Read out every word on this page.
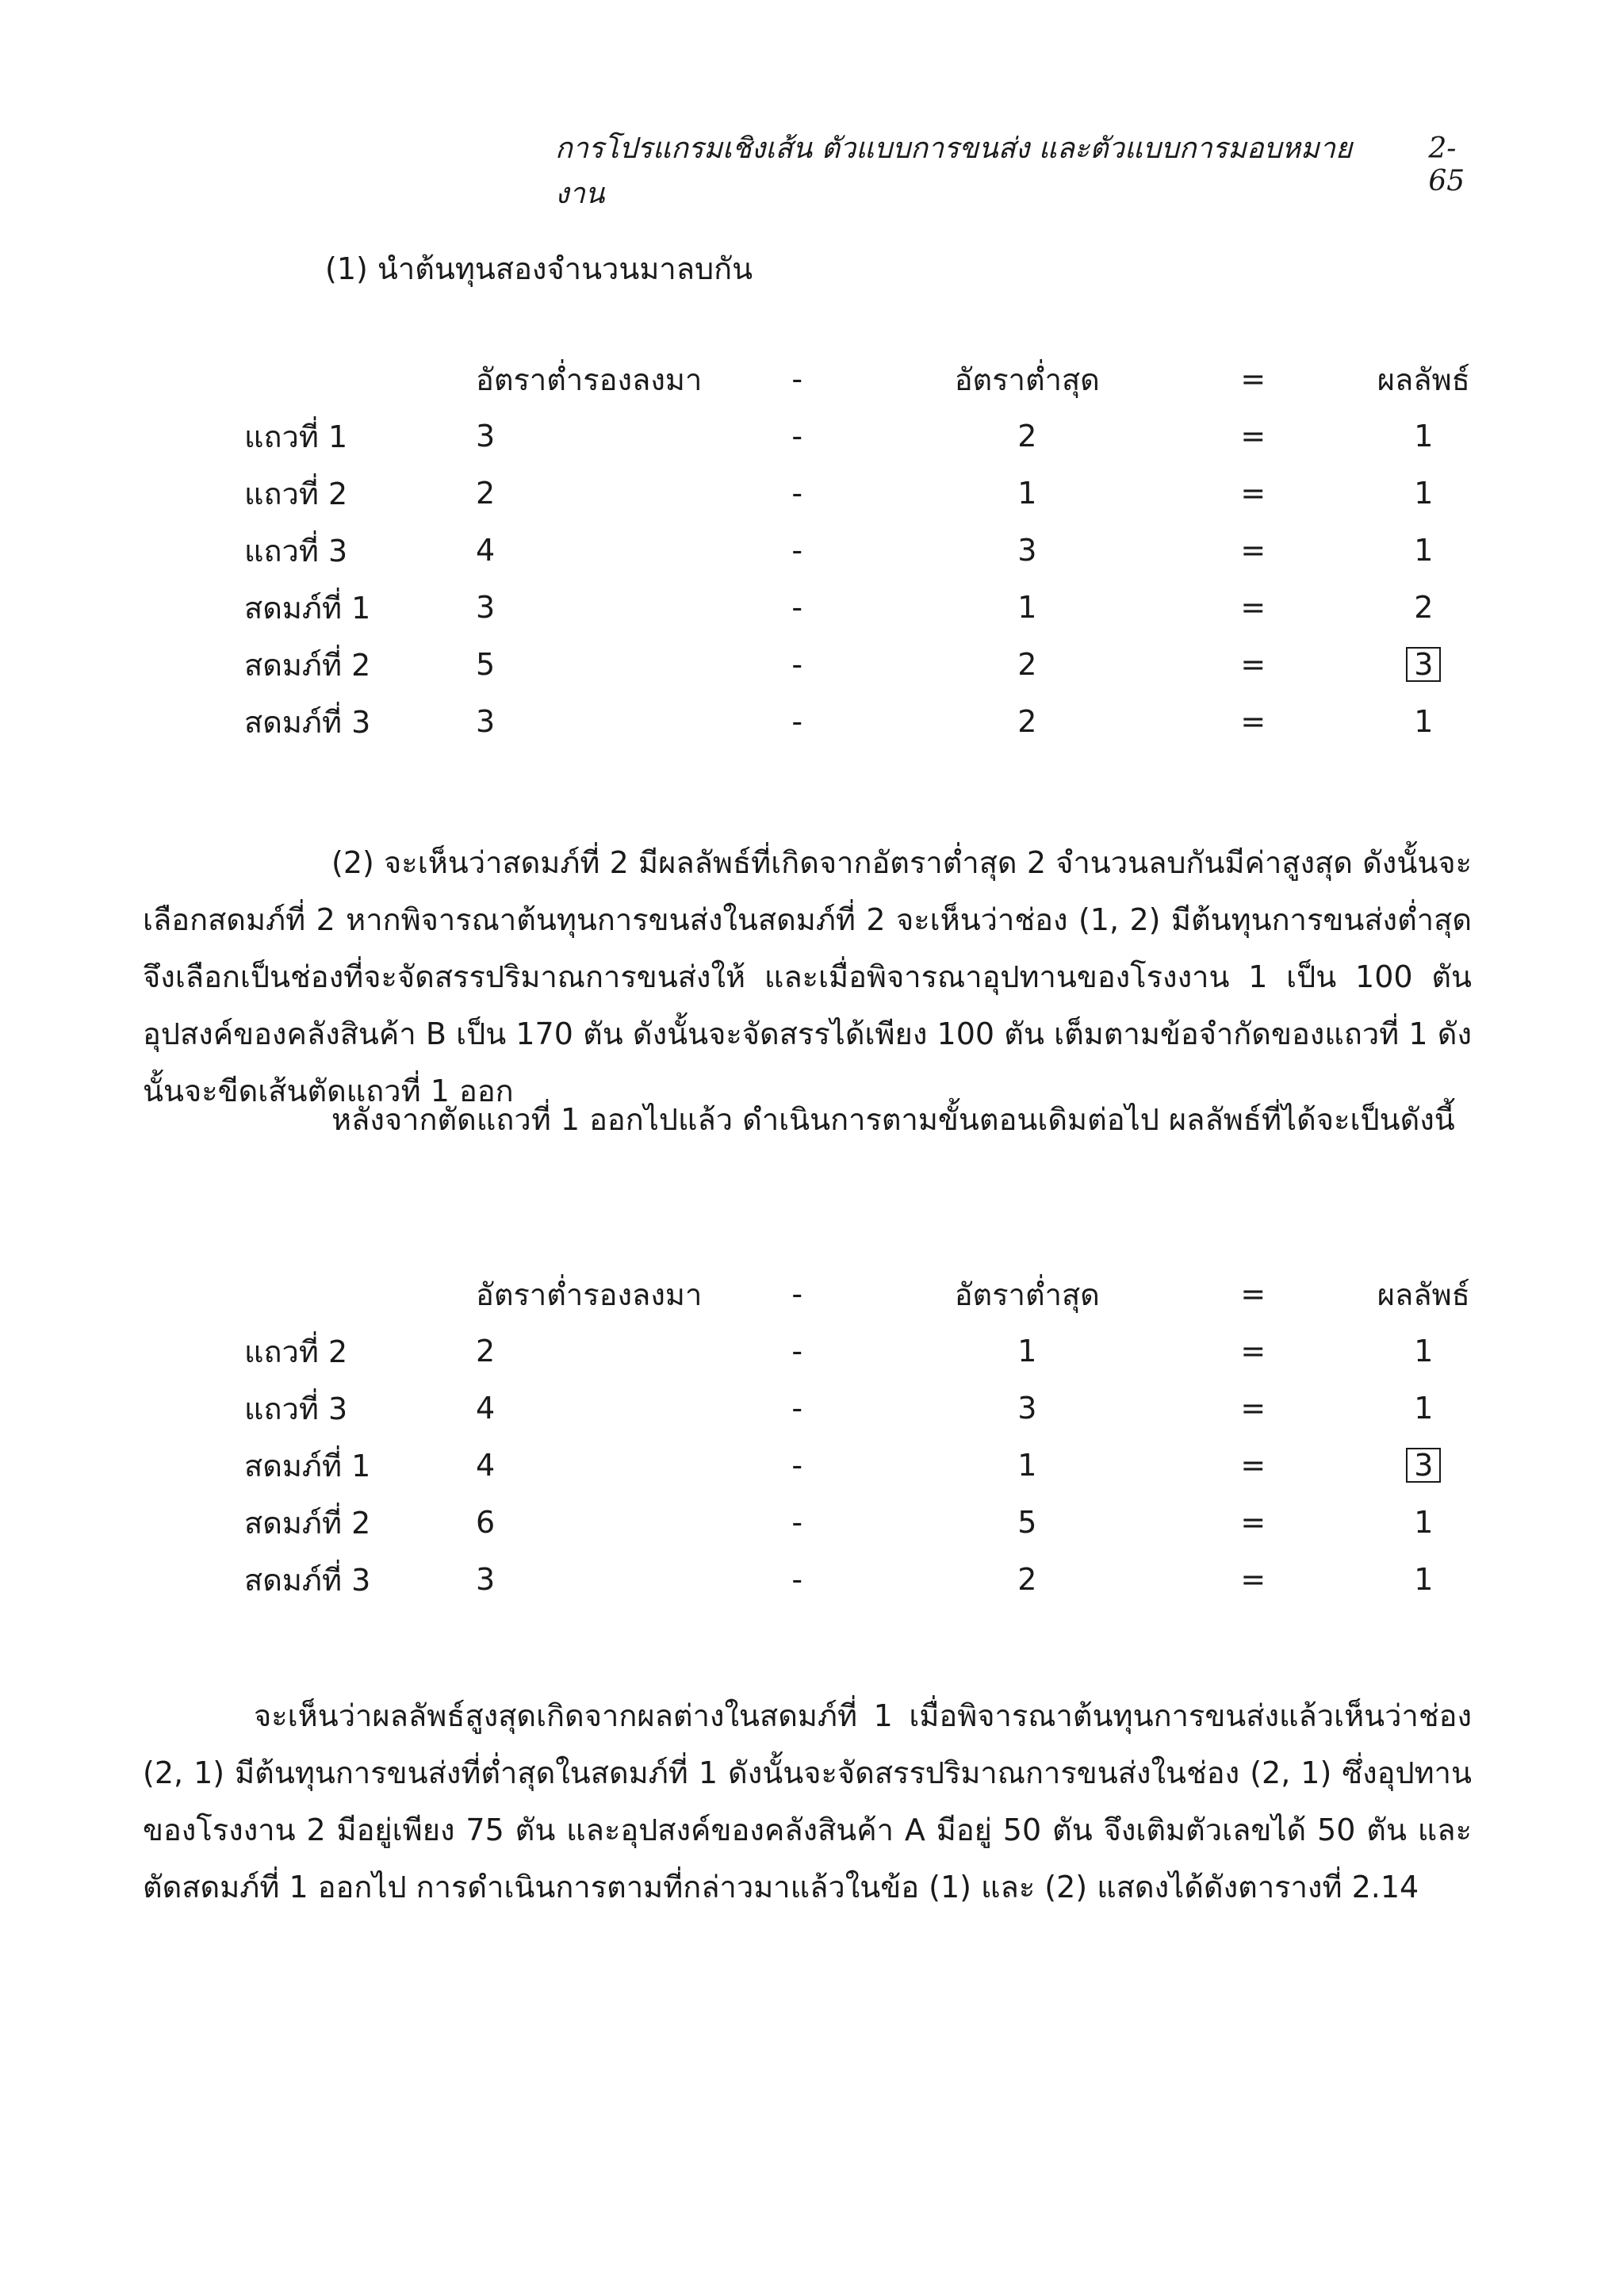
การโปรแกรมเชิงเส้น ตัวแบบการขนส่ง และตัวแบบการมอบหมายงาน
2-65
(1) นำต้นทุนสองจำนวนมาลบกัน
	อัตราต่ำรองลงมา	-	อัตราต่ำสุด	=	ผลลัพธ์
แถวที่ 1	3	-	2	=	1
แถวที่ 2	2	-	1	=	1
แถวที่ 3	4	-	3	=	1
สดมภ์ที่ 1	3	-	1	=	2
สดมภ์ที่ 2	5	-	2	=	3
สดมภ์ที่ 3	3	-	2	=	1

(2) จะเห็นว่าสดมภ์ที่ 2 มีผลลัพธ์ที่เกิดจากอัตราต่ำสุด 2 จำนวนลบกันมีค่าสูงสุด ดังนั้นจะเลือกสดมภ์ที่ 2 หากพิจารณาต้นทุนการขนส่งในสดมภ์ที่ 2 จะเห็นว่าช่อง (1, 2) มีต้นทุนการขนส่งต่ำสุด จึงเลือกเป็นช่องที่จะจัดสรรปริมาณการขนส่งให้ และเมื่อพิจารณาอุปทานของโรงงาน 1 เป็น 100 ตัน อุปสงค์ของคลังสินค้า B เป็น 170 ตัน ดังนั้นจะจัดสรรได้เพียง 100 ตัน เต็มตามข้อจำกัดของแถวที่ 1 ดังนั้นจะขีดเส้นตัดแถวที่ 1 ออก

หลังจากตัดแถวที่ 1 ออกไปแล้ว ดำเนินการตามขั้นตอนเดิมต่อไป ผลลัพธ์ที่ได้จะเป็นดังนี้

	อัตราต่ำรองลงมา	-	อัตราต่ำสุด	=	ผลลัพธ์
แถวที่ 2	2	-	1	=	1
แถวที่ 3	4	-	3	=	1
สดมภ์ที่ 1	4	-	1	=	3
สดมภ์ที่ 2	6	-	5	=	1
สดมภ์ที่ 3	3	-	2	=	1

จะเห็นว่าผลลัพธ์สูงสุดเกิดจากผลต่างในสดมภ์ที่ 1 เมื่อพิจารณาต้นทุนการขนส่งแล้วเห็นว่าช่อง (2, 1) มีต้นทุนการขนส่งที่ต่ำสุดในสดมภ์ที่ 1 ดังนั้นจะจัดสรรปริมาณการขนส่งในช่อง (2, 1) ซึ่งอุปทานของโรงงาน 2 มีอยู่เพียง 75 ตัน และอุปสงค์ของคลังสินค้า A มีอยู่ 50 ตัน จึงเติมตัวเลขได้ 50 ตัน และตัดสดมภ์ที่ 1 ออกไป การดำเนินการตามที่กล่าวมาแล้วในข้อ (1) และ (2) แสดงได้ดังตารางที่ 2.14
